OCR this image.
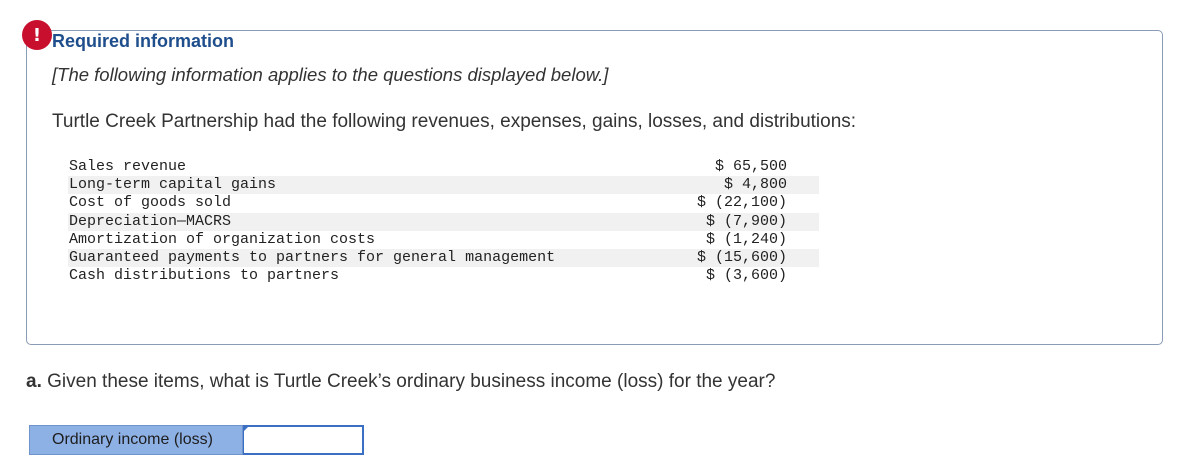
! Required information
[The following information applies to the questions displayed below.]
Turtle Creek Partnership had the following revenues, expenses, gains, losses, and distributions:
Sales revenue	$ 65,500
Long-term capital gains	$ 4,800
Cost of goods sold	$ (22,100)
Depreciation—MACRS	$ (7,900)
Amortization of organization costs	$ (1,240)
Guaranteed payments to partners for general management	$ (15,600)
Cash distributions to partners	$ (3,600)
a. Given these items, what is Turtle Creek’s ordinary business income (loss) for the year?
Ordinary income (loss)
